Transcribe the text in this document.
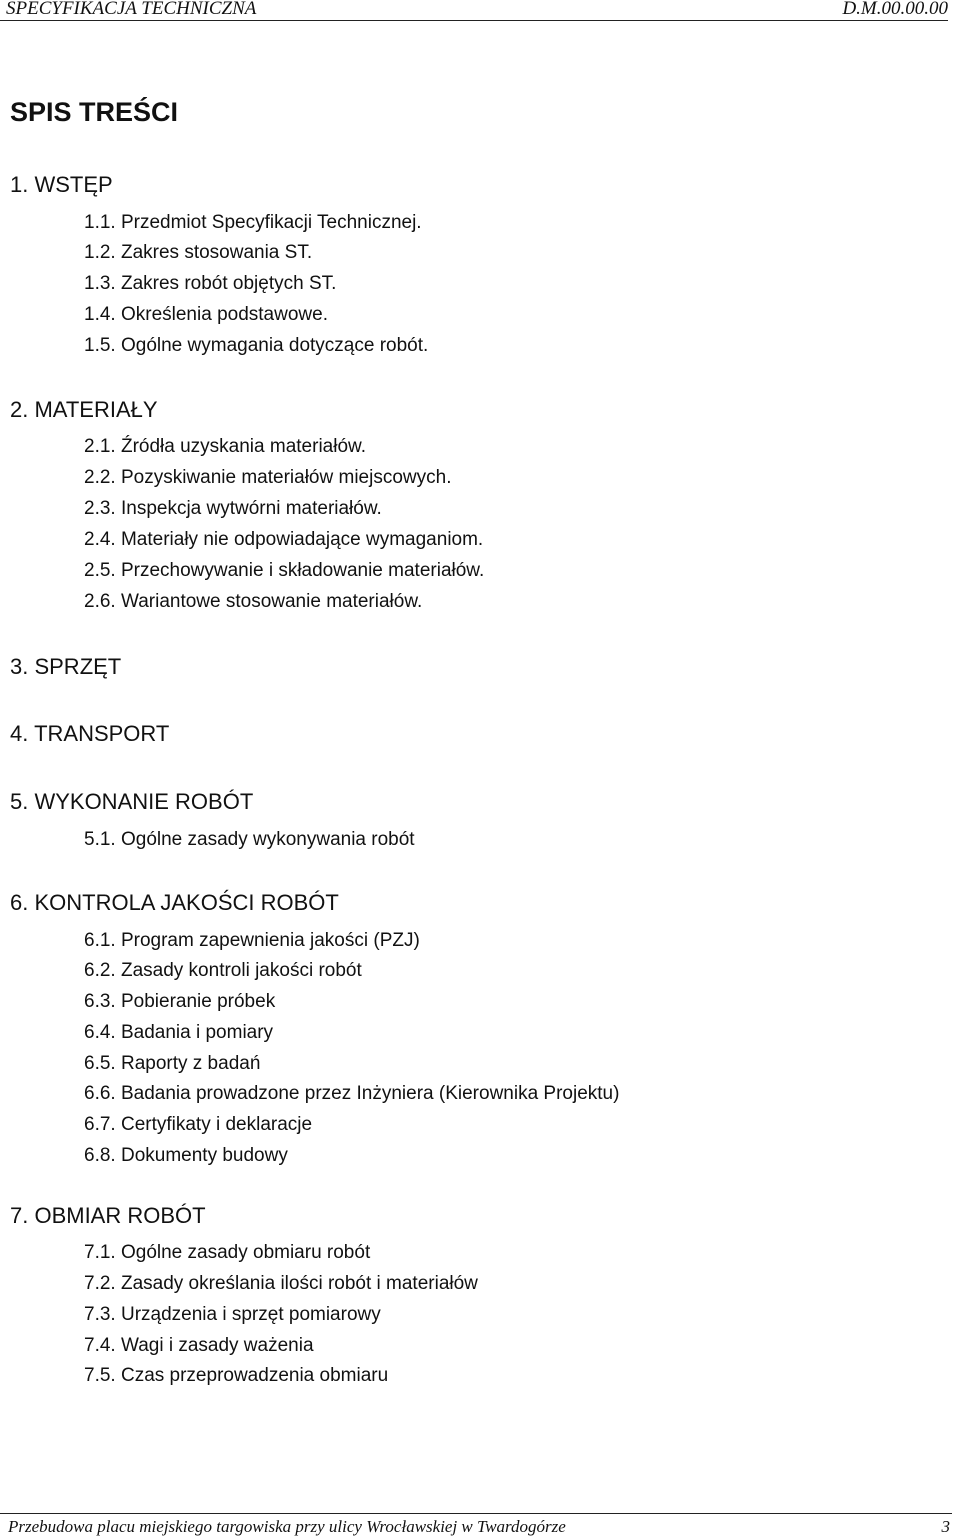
SPECYFIKACJA TECHNICZNA	D.M.00.00.00
SPIS TREŚCI
1. WSTĘP
1.1. Przedmiot Specyfikacji Technicznej.
1.2. Zakres stosowania ST.
1.3. Zakres robót objętych ST.
1.4. Określenia podstawowe.
1.5. Ogólne wymagania dotyczące robót.
2. MATERIAŁY
2.1. Źródła uzyskania materiałów.
2.2. Pozyskiwanie materiałów miejscowych.
2.3. Inspekcja wytwórni materiałów.
2.4. Materiały nie odpowiadające wymaganiom.
2.5. Przechowywanie i składowanie materiałów.
2.6. Wariantowe stosowanie materiałów.
3. SPRZĘT
4. TRANSPORT
5. WYKONANIE ROBÓT
5.1. Ogólne zasady wykonywania robót
6. KONTROLA JAKOŚCI ROBÓT
6.1. Program zapewnienia jakości (PZJ)
6.2. Zasady kontroli jakości robót
6.3. Pobieranie próbek
6.4. Badania i pomiary
6.5. Raporty z badań
6.6. Badania prowadzone przez Inżyniera (Kierownika Projektu)
6.7. Certyfikaty i deklaracje
6.8. Dokumenty budowy
7. OBMIAR ROBÓT
7.1. Ogólne zasady obmiaru robót
7.2. Zasady określania ilości robót i materiałów
7.3. Urządzenia i sprzęt pomiarowy
7.4. Wagi i zasady ważenia
7.5. Czas przeprowadzenia obmiaru
Przebudowa placu miejskiego targowiska przy ulicy Wrocławskiej w Twardogórze	3
